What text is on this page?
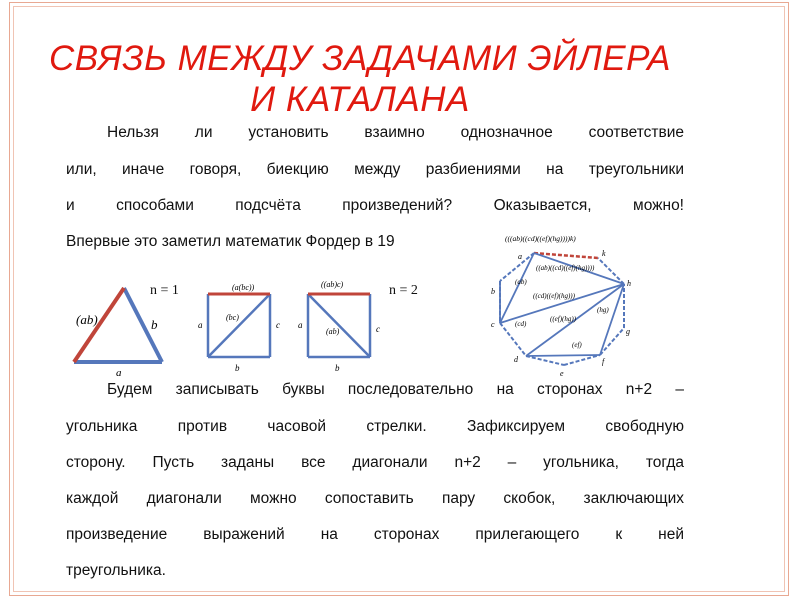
СВЯЗЬ МЕЖДУ ЗАДАЧАМИ ЭЙЛЕРА
И КАТАЛАНА
Нельзя ли установить взаимно однозначное соответствие
или, иначе говоря, биекцию между разбиениями на треугольники
и способами подсчёта произведений? Оказывается, можно!
Впервые это заметил математик Фордер в 19
n = 1	n = 2
(ab)	b
a
(a(bc))
a	c
b
(bc)
((ab)c)
a	c
b
(ab)
(((ab)((cd)((ef)(hg))))k)
a
b
c
d
e
f
g
h
k
((ab)((cd)((ef)(hg))))
(ab)
((cd)((ef)(hg)))
(cd)
((ef)(hg))
(hg)
(ef)
Будем записывать буквы последовательно на сторонах n+2 –
угольника против часовой стрелки. Зафиксируем свободную
сторону. Пусть заданы все диагонали n+2 – угольника, тогда
каждой диагонали можно сопоставить пару скобок, заключающих
произведение выражений на сторонах прилегающего к ней
треугольника.
